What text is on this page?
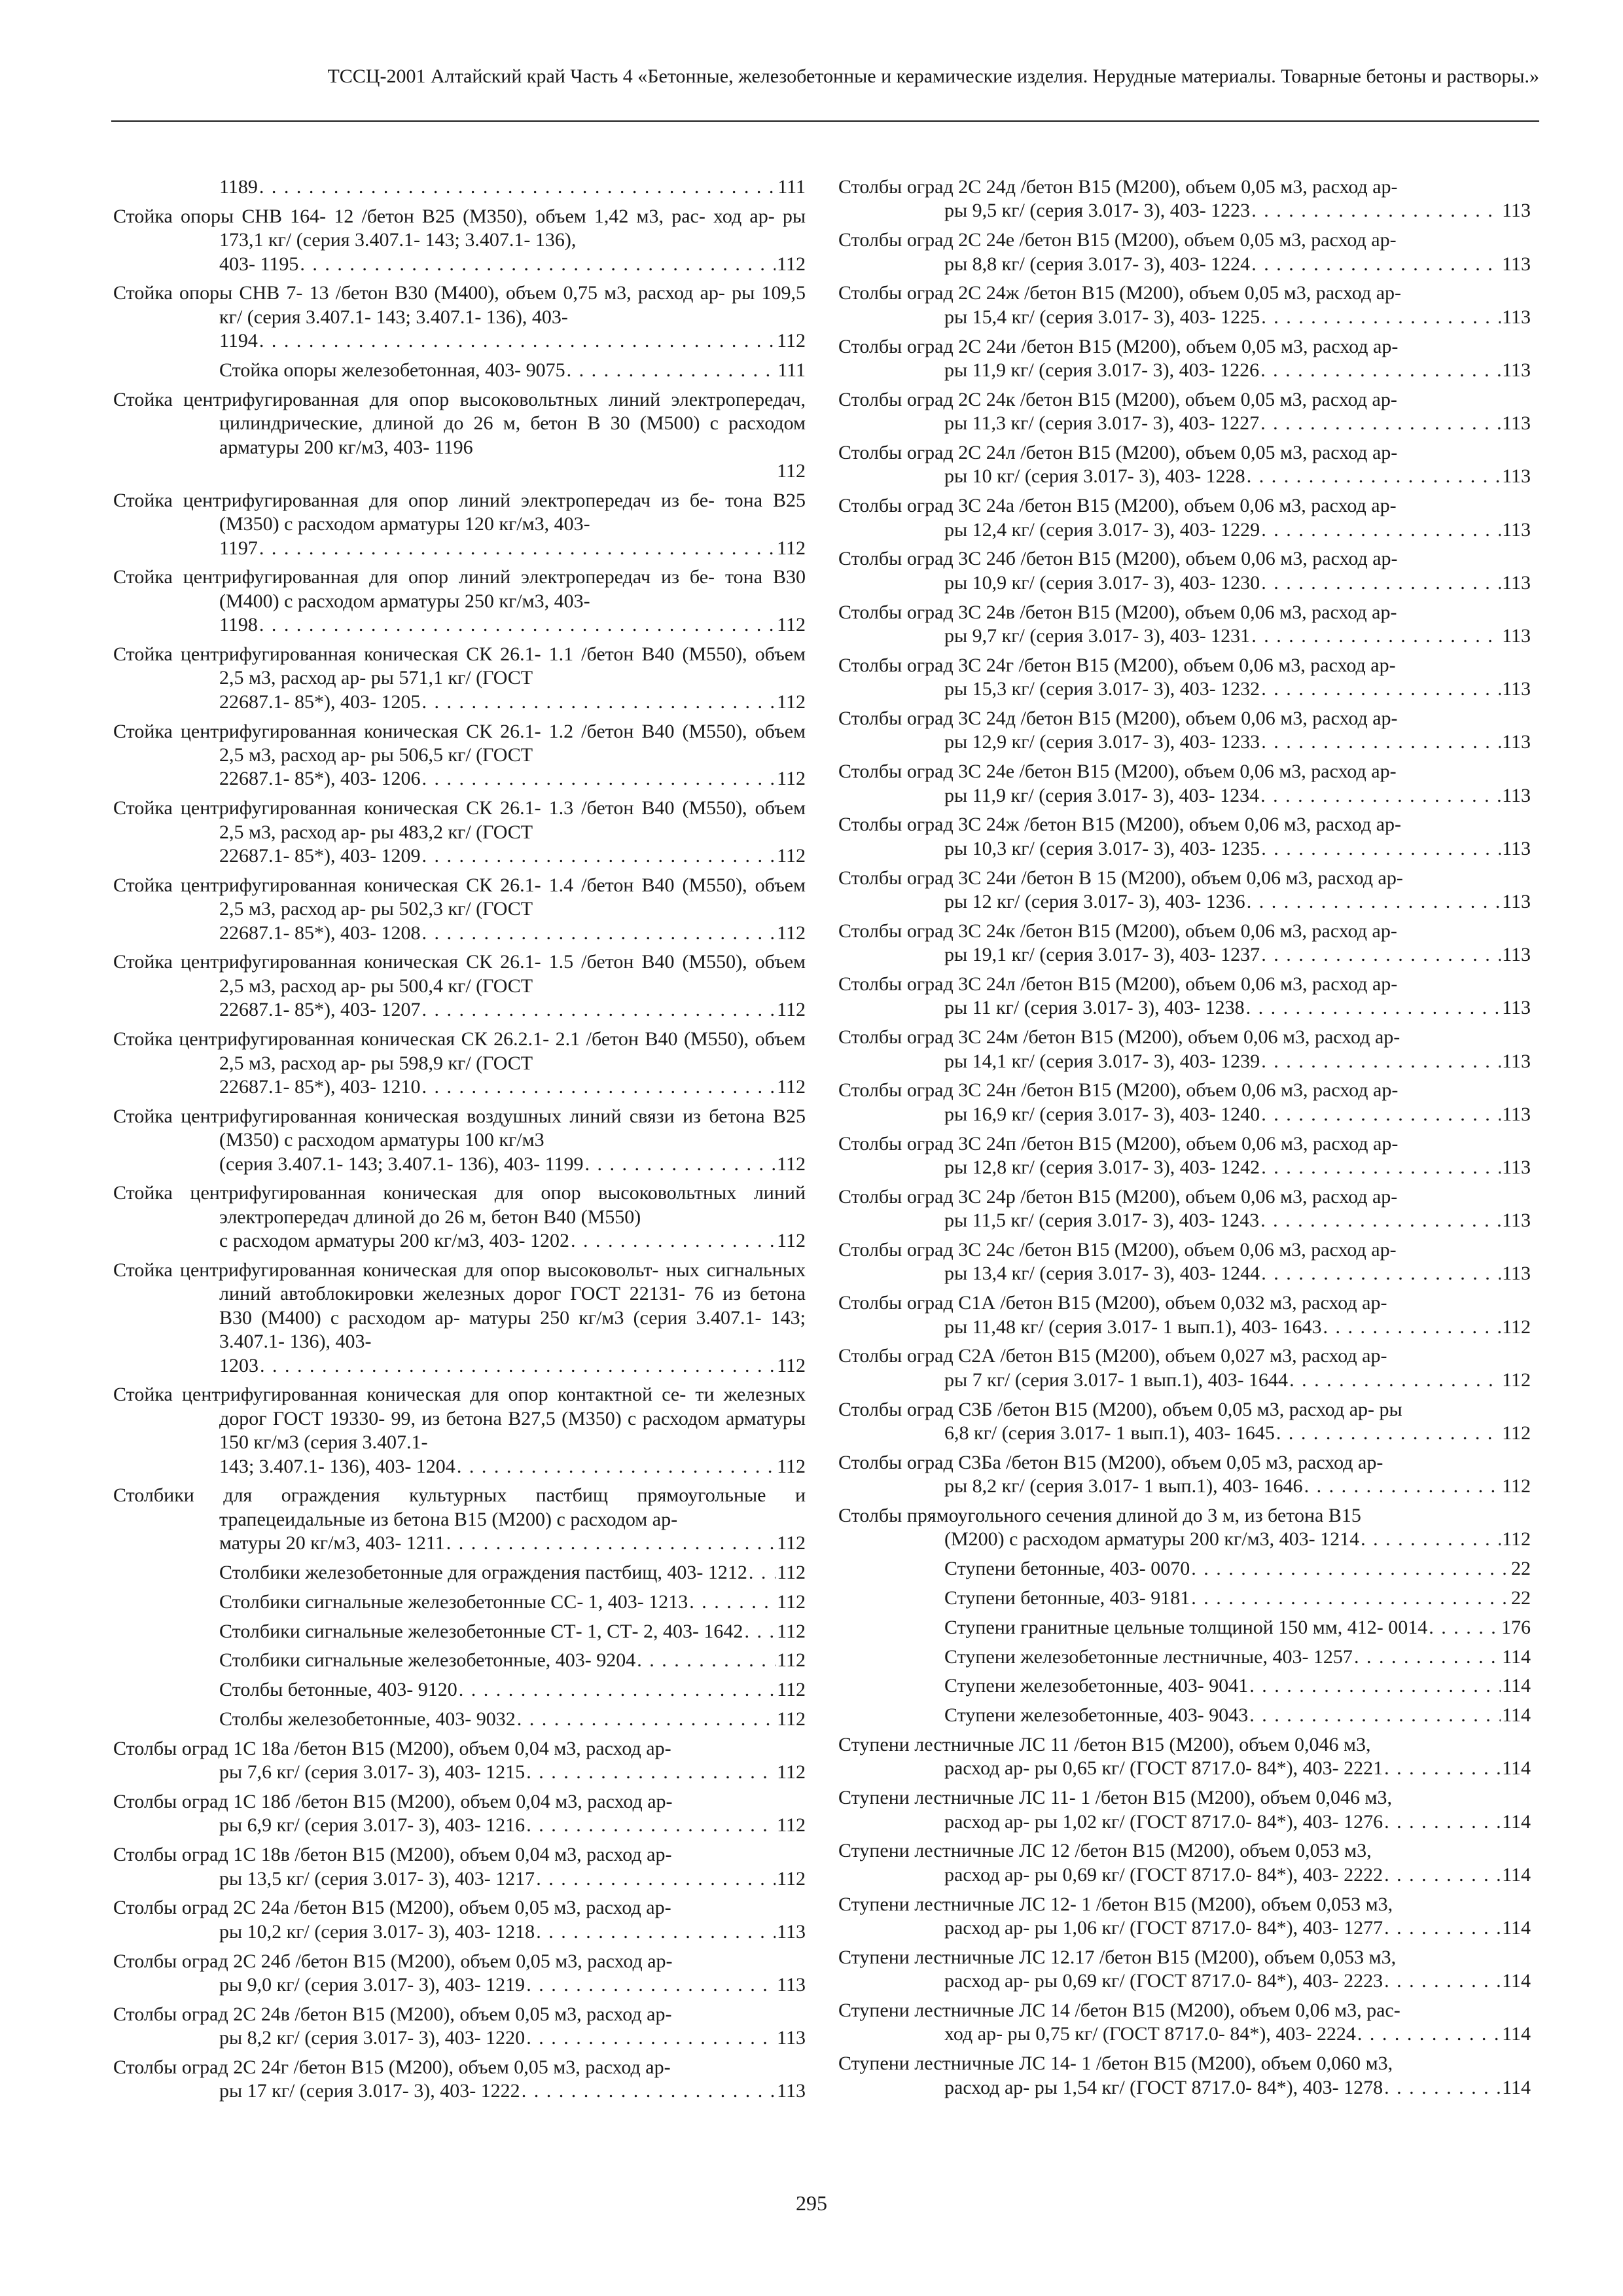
ТССЦ-2001 Алтайский край Часть 4 «Бетонные, железобетонные и керамические изделия. Нерудные материалы. Товарные бетоны и растворы.»
1189 . . .	111
Стойка опоры СНВ 164- 12 /бетон В25 (М350), объем 1,42 м3, рас- ход ар- ры 173,1 кг/ (серия 3.407.1- 143; 3.407.1- 136),
403- 1195 . . .	112
Стойка опоры СНВ 7- 13 /бетон В30 (М400), объем 0,75 м3, расход ар- ры 109,5 кг/ (серия 3.407.1- 143; 3.407.1- 136), 403-
1194 . . .	112
Стойка опоры железобетонная, 403- 9075 . . .	111
Стойка центрифугированная для опор высоковольтных линий электропередач, цилиндрические, длиной до 26 м, бетон В 30 (М500) с расходом арматуры 200 кг/м3, 403- 1196
112
Стойка центрифугированная для опор линий электропередач из бе- тона В25 (М350) с расходом арматуры 120 кг/м3, 403-
1197 . . .	112
Стойка центрифугированная для опор линий электропередач из бе- тона В30 (М400) с расходом арматуры 250 кг/м3, 403-
1198 . . .	112
Стойка центрифугированная коническая СК 26.1- 1.1 /бетон В40 (М550), объем 2,5 м3, расход ар- ры 571,1 кг/ (ГОСТ
22687.1- 85*), 403- 1205 . . .	112
Стойка центрифугированная коническая СК 26.1- 1.2 /бетон В40 (М550), объем 2,5 м3, расход ар- ры 506,5 кг/ (ГОСТ
22687.1- 85*), 403- 1206 . . .	112
Стойка центрифугированная коническая СК 26.1- 1.3 /бетон В40 (М550), объем 2,5 м3, расход ар- ры 483,2 кг/ (ГОСТ
22687.1- 85*), 403- 1209 . . .	112
Стойка центрифугированная коническая СК 26.1- 1.4 /бетон В40 (М550), объем 2,5 м3, расход ар- ры 502,3 кг/ (ГОСТ
22687.1- 85*), 403- 1208 . . .	112
Стойка центрифугированная коническая СК 26.1- 1.5 /бетон В40 (М550), объем 2,5 м3, расход ар- ры 500,4 кг/ (ГОСТ
22687.1- 85*), 403- 1207 . . .	112
Стойка центрифугированная коническая СК 26.2.1- 2.1 /бетон В40 (М550), объем 2,5 м3, расход ар- ры 598,9 кг/ (ГОСТ
22687.1- 85*), 403- 1210 . . .	112
Стойка центрифугированная коническая воздушных линий связи из бетона В25 (М350) с расходом арматуры 100 кг/м3
(серия 3.407.1- 143; 3.407.1- 136), 403- 1199 . . .	112
Стойка центрифугированная коническая для опор высоковольтных линий электропередач длиной до 26 м, бетон В40 (М550)
с расходом арматуры 200 кг/м3, 403- 1202 . . .	112
Стойка центрифугированная коническая для опор высоковольт- ных сигнальных линий автоблокировки железных дорог ГОСТ 22131- 76 из бетона В30 (М400) с расходом ар- матуры 250 кг/м3 (серия 3.407.1- 143; 3.407.1- 136), 403-
1203 . . .	112
Стойка центрифугированная коническая для опор контактной се- ти железных дорог ГОСТ 19330- 99, из бетона В27,5 (М350) с расходом арматуры 150 кг/м3 (серия 3.407.1-
143; 3.407.1- 136), 403- 1204 . . .	112
Столбики для ограждения культурных пастбищ прямоугольные и трапецеидальные из бетона В15 (М200) с расходом ар-
матуры 20 кг/м3, 403- 1211 . . .	112
Столбики железобетонные для ограждения пастбищ, 403- 1212 . . . 112
Столбики сигнальные железобетонные СС- 1, 403- 1213 . . .	112
Столбики сигнальные железобетонные СТ- 1, СТ- 2, 403- 1642 . . . 112
Столбики сигнальные железобетонные, 403- 9204 . . .	112
Столбы бетонные, 403- 9120 . . .	112
Столбы железобетонные, 403- 9032 . . .	112
Столбы оград 1С 18а /бетон В15 (М200), объем 0,04 м3, расход ар-
ры 7,6 кг/ (серия 3.017- 3), 403- 1215 . . .	112
Столбы оград 1С 18б /бетон В15 (М200), объем 0,04 м3, расход ар-
ры 6,9 кг/ (серия 3.017- 3), 403- 1216 . . .	112
Столбы оград 1С 18в /бетон В15 (М200), объем 0,04 м3, расход ар-
ры 13,5 кг/ (серия 3.017- 3), 403- 1217 . . .	112
Столбы оград 2С 24а /бетон В15 (М200), объем 0,05 м3, расход ар-
ры 10,2 кг/ (серия 3.017- 3), 403- 1218 . . .	113
Столбы оград 2С 24б /бетон В15 (М200), объем 0,05 м3, расход ар-
ры 9,0 кг/ (серия 3.017- 3), 403- 1219 . . .	113
Столбы оград 2С 24в /бетон В15 (М200), объем 0,05 м3, расход ар-
ры 8,2 кг/ (серия 3.017- 3), 403- 1220 . . .	113
Столбы оград 2С 24г /бетон В15 (М200), объем 0,05 м3, расход ар-
ры 17 кг/ (серия 3.017- 3), 403- 1222 . . .	113
Столбы оград 2С 24д /бетон В15 (М200), объем 0,05 м3, расход ар-
ры 9,5 кг/ (серия 3.017- 3), 403- 1223 . . .	113
Столбы оград 2С 24е /бетон В15 (М200), объем 0,05 м3, расход ар-
ры 8,8 кг/ (серия 3.017- 3), 403- 1224 . . .	113
Столбы оград 2С 24ж /бетон В15 (М200), объем 0,05 м3, расход ар-
ры 15,4 кг/ (серия 3.017- 3), 403- 1225 . . .	113
Столбы оград 2С 24и /бетон В15 (М200), объем 0,05 м3, расход ар-
ры 11,9 кг/ (серия 3.017- 3), 403- 1226 . . .	113
Столбы оград 2С 24к /бетон В15 (М200), объем 0,05 м3, расход ар-
ры 11,3 кг/ (серия 3.017- 3), 403- 1227 . . .	113
Столбы оград 2С 24л /бетон В15 (М200), объем 0,05 м3, расход ар-
ры 10 кг/ (серия 3.017- 3), 403- 1228 . . .	113
Столбы оград 3С 24а /бетон В15 (М200), объем 0,06 м3, расход ар-
ры 12,4 кг/ (серия 3.017- 3), 403- 1229 . . .	113
Столбы оград 3С 24б /бетон В15 (М200), объем 0,06 м3, расход ар-
ры 10,9 кг/ (серия 3.017- 3), 403- 1230 . . .	113
Столбы оград 3С 24в /бетон В15 (М200), объем 0,06 м3, расход ар-
ры 9,7 кг/ (серия 3.017- 3), 403- 1231 . . .	113
Столбы оград 3С 24г /бетон В15 (М200), объем 0,06 м3, расход ар-
ры 15,3 кг/ (серия 3.017- 3), 403- 1232 . . .	113
Столбы оград 3С 24д /бетон В15 (М200), объем 0,06 м3, расход ар-
ры 12,9 кг/ (серия 3.017- 3), 403- 1233 . . .	113
Столбы оград 3С 24е /бетон В15 (М200), объем 0,06 м3, расход ар-
ры 11,9 кг/ (серия 3.017- 3), 403- 1234 . . .	113
Столбы оград 3С 24ж /бетон В15 (М200), объем 0,06 м3, расход ар-
ры 10,3 кг/ (серия 3.017- 3), 403- 1235 . . .	113
Столбы оград 3С 24и /бетон В 15 (М200), объем 0,06 м3, расход ар-
ры 12 кг/ (серия 3.017- 3), 403- 1236 . . .	113
Столбы оград 3С 24к /бетон В15 (М200), объем 0,06 м3, расход ар-
ры 19,1 кг/ (серия 3.017- 3), 403- 1237 . . .	113
Столбы оград 3С 24л /бетон В15 (М200), объем 0,06 м3, расход ар-
ры 11 кг/ (серия 3.017- 3), 403- 1238 . . .	113
Столбы оград 3С 24м /бетон В15 (М200), объем 0,06 м3, расход ар-
ры 14,1 кг/ (серия 3.017- 3), 403- 1239 . . .	113
Столбы оград 3С 24н /бетон В15 (М200), объем 0,06 м3, расход ар-
ры 16,9 кг/ (серия 3.017- 3), 403- 1240 . . .	113
Столбы оград 3С 24п /бетон В15 (М200), объем 0,06 м3, расход ар-
ры 12,8 кг/ (серия 3.017- 3), 403- 1242 . . .	113
Столбы оград 3С 24р /бетон В15 (М200), объем 0,06 м3, расход ар-
ры 11,5 кг/ (серия 3.017- 3), 403- 1243 . . .	113
Столбы оград 3С 24с /бетон В15 (М200), объем 0,06 м3, расход ар-
ры 13,4 кг/ (серия 3.017- 3), 403- 1244 . . .	113
Столбы оград С1А /бетон В15 (М200), объем 0,032 м3, расход ар-
ры 11,48 кг/ (серия 3.017- 1 вып.1), 403- 1643 . . .	112
Столбы оград С2А /бетон В15 (М200), объем 0,027 м3, расход ар-
ры 7 кг/ (серия 3.017- 1 вып.1), 403- 1644 . . .	112
Столбы оград С3Б /бетон В15 (М200), объем 0,05 м3, расход ар- ры
6,8 кг/ (серия 3.017- 1 вып.1), 403- 1645 . . .	112
Столбы оград С3Ба /бетон В15 (М200), объем 0,05 м3, расход ар-
ры 8,2 кг/ (серия 3.017- 1 вып.1), 403- 1646 . . .	112
Столбы прямоугольного сечения длиной до 3 м, из бетона В15
(М200) с расходом арматуры 200 кг/м3, 403- 1214 . . .	112
Ступени бетонные, 403- 0070 . . .	22
Ступени бетонные, 403- 9181 . . .	22
Ступени гранитные цельные толщиной 150 мм, 412- 0014 . . .	176
Ступени железобетонные лестничные, 403- 1257 . . .	114
Ступени железобетонные, 403- 9041 . . .	114
Ступени железобетонные, 403- 9043 . . .	114
Ступени лестничные ЛС 11 /бетон В15 (М200), объем 0,046 м3,
расход ар- ры 0,65 кг/ (ГОСТ 8717.0- 84*), 403- 2221 . . .	114
Ступени лестничные ЛС 11- 1 /бетон В15 (М200), объем 0,046 м3,
расход ар- ры 1,02 кг/ (ГОСТ 8717.0- 84*), 403- 1276 . . .	114
Ступени лестничные ЛС 12 /бетон В15 (М200), объем 0,053 м3,
расход ар- ры 0,69 кг/ (ГОСТ 8717.0- 84*), 403- 2222 . . .	114
Ступени лестничные ЛС 12- 1 /бетон В15 (М200), объем 0,053 м3,
расход ар- ры 1,06 кг/ (ГОСТ 8717.0- 84*), 403- 1277 . . .	114
Ступени лестничные ЛС 12.17 /бетон В15 (М200), объем 0,053 м3,
расход ар- ры 0,69 кг/ (ГОСТ 8717.0- 84*), 403- 2223 . . .	114
Ступени лестничные ЛС 14 /бетон В15 (М200), объем 0,06 м3, рас-
ход ар- ры 0,75 кг/ (ГОСТ 8717.0- 84*), 403- 2224 . . .	114
Ступени лестничные ЛС 14- 1 /бетон В15 (М200), объем 0,060 м3,
расход ар- ры 1,54 кг/ (ГОСТ 8717.0- 84*), 403- 1278 . . .	114
295
